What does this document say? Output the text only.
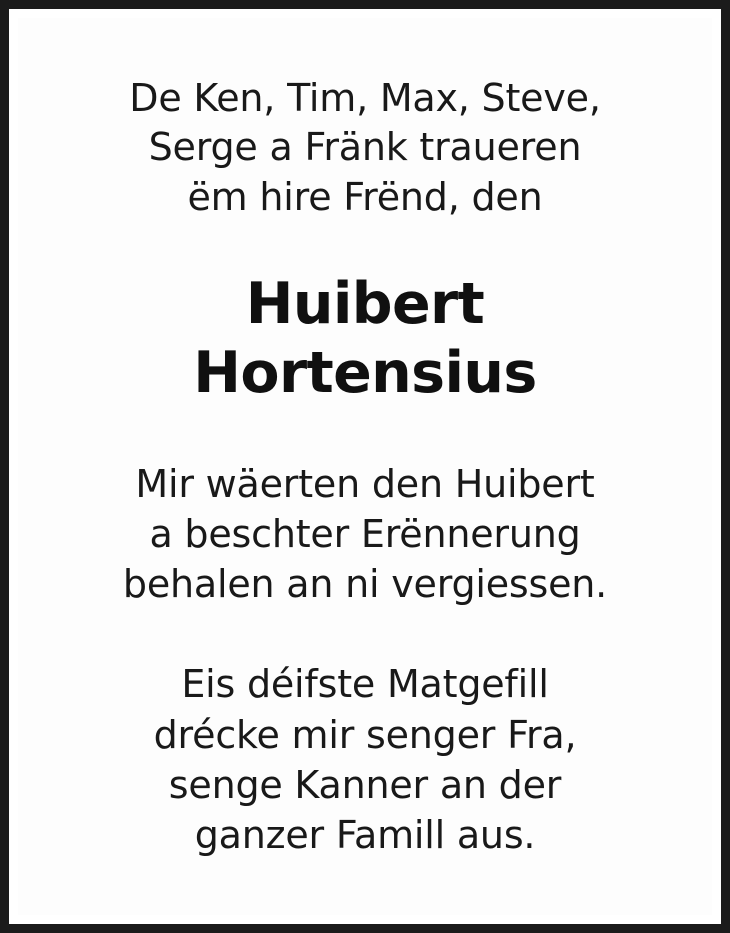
De Ken, Tim, Max, Steve,
Serge a Fränk traueren
ëm hire Frënd, den
Huibert
Hortensius
Mir wäerten den Huibert
a beschter Erënnerung
behalen an ni vergiessen.
Eis déifste Matgefill
drécke mir senger Fra,
senge Kanner an der
ganzer Famill aus.
